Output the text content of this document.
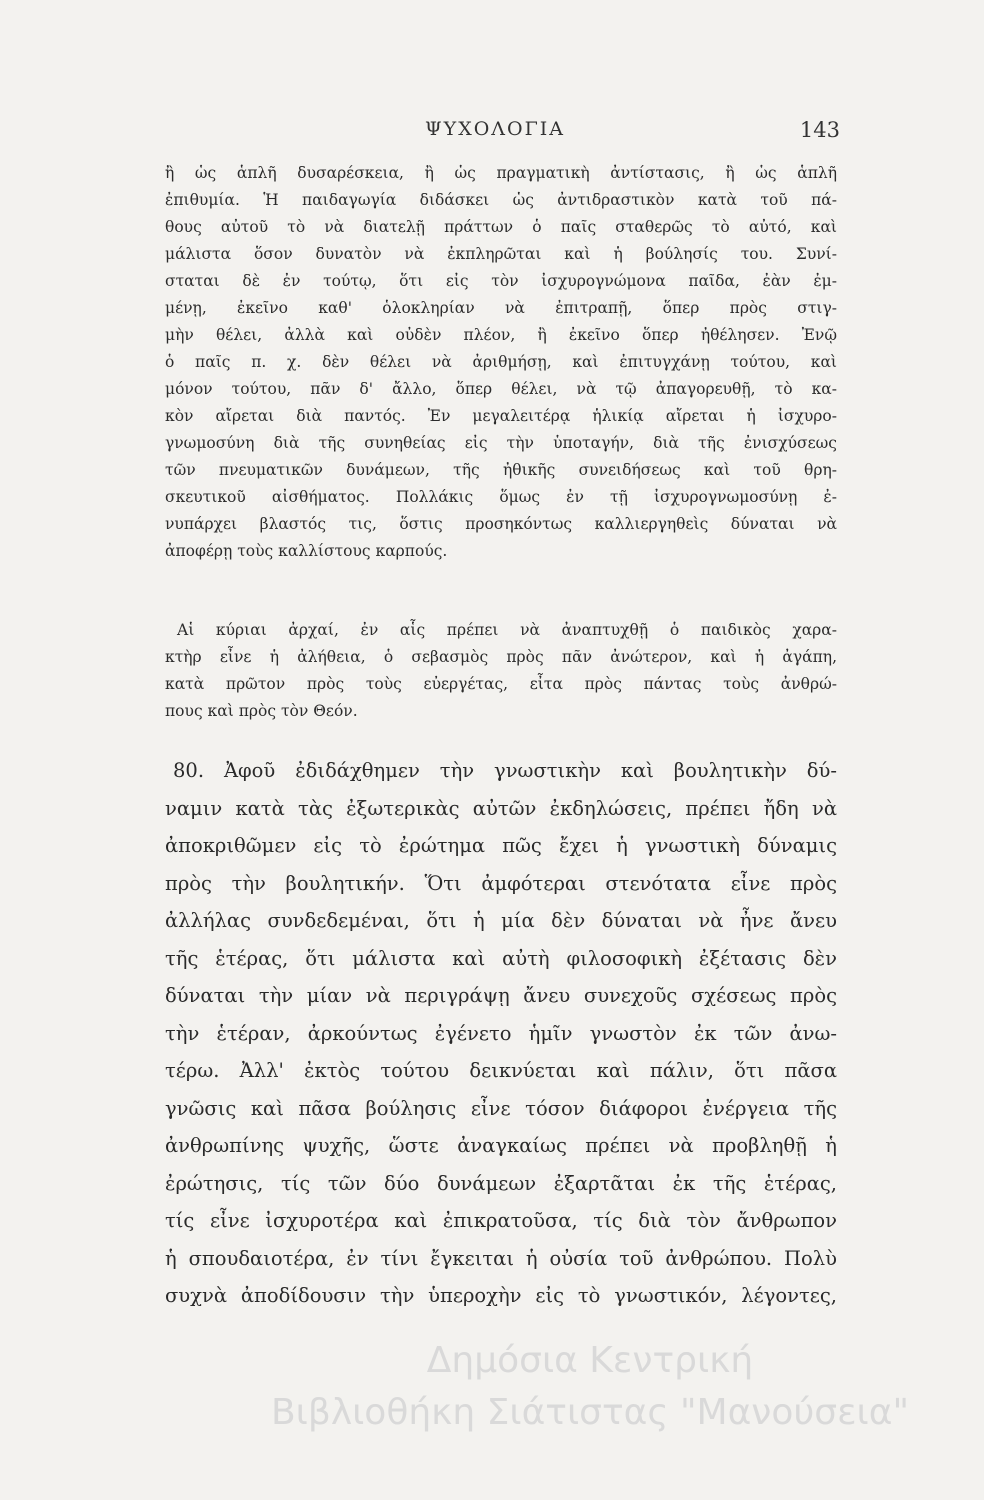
ΨΥΧΟΛΟΓΙΑ	143
ἢ ὡς ἁπλῆ δυσαρέσκεια, ἢ ὡς πραγματικὴ ἀντίστασις, ἢ ὡς ἁπλῆ
ἐπιθυμία. Ἡ παιδαγωγία διδάσκει ὡς ἀντιδραστικὸν κατὰ τοῦ πά-
θους αὐτοῦ τὸ νὰ διατελῇ πράττων ὁ παῖς σταθερῶς τὸ αὐτό, καὶ
μάλιστα ὅσον δυνατὸν νὰ ἐκπληρῶται καὶ ἡ βούλησίς του. Συνί-
σταται δὲ ἐν τούτῳ, ὅτι εἰς τὸν ἰσχυρογνώμονα παῖδα, ἐὰν ἐμ-
μένῃ, ἐκεῖνο καθ' ὁλοκληρίαν νὰ ἐπιτραπῇ, ὅπερ πρὸς στιγ-
μὴν θέλει, ἀλλὰ καὶ οὐδὲν πλέον, ἢ ἐκεῖνο ὅπερ ἠθέλησεν. Ἐνῷ
ὁ παῖς π. χ. δὲν θέλει νὰ ἀριθμήσῃ, καὶ ἐπιτυγχάνῃ τούτου, καὶ
μόνον τούτου, πᾶν δ' ἄλλο, ὅπερ θέλει, νὰ τῷ ἀπαγορευθῇ, τὸ κα-
κὸν αἴρεται διὰ παντός. Ἐν μεγαλειτέρᾳ ἡλικίᾳ αἴρεται ἡ ἰσχυρο-
γνωμοσύνη διὰ τῆς συνηθείας εἰς τὴν ὑποταγήν, διὰ τῆς ἐνισχύσεως
τῶν πνευματικῶν δυνάμεων, τῆς ἠθικῆς συνειδήσεως καὶ τοῦ θρη-
σκευτικοῦ αἰσθήματος. Πολλάκις ὅμως ἐν τῇ ἰσχυρογνωμοσύνῃ ἐ-
νυπάρχει βλαστός τις, ὅστις προσηκόντως καλλιεργηθεὶς δύναται νὰ
ἀποφέρῃ τοὺς καλλίστους καρπούς.
Αἱ κύριαι ἀρχαί, ἐν αἷς πρέπει νὰ ἀναπτυχθῇ ὁ παιδικὸς χαρα-
κτὴρ εἶνε ἡ ἀλήθεια, ὁ σεβασμὸς πρὸς πᾶν ἀνώτερον, καὶ ἡ ἀγάπη,
κατὰ πρῶτον πρὸς τοὺς εὐεργέτας, εἶτα πρὸς πάντας τοὺς ἀνθρώ-
πους καὶ πρὸς τὸν Θεόν.
80. Ἀφοῦ ἐδιδάχθημεν τὴν γνωστικὴν καὶ βουλητικὴν δύ-
ναμιν κατὰ τὰς ἐξωτερικὰς αὐτῶν ἐκδηλώσεις, πρέπει ἤδη νὰ
ἀποκριθῶμεν εἰς τὸ ἐρώτημα πῶς ἔχει ἡ γνωστικὴ δύναμις
πρὸς τὴν βουλητικήν. Ὅτι ἀμφότεραι στενότατα εἶνε πρὸς
ἀλλήλας συνδεδεμέναι, ὅτι ἡ μία δὲν δύναται νὰ ἦνε ἄνευ
τῆς ἑτέρας, ὅτι μάλιστα καὶ αὐτὴ φιλοσοφικὴ ἐξέτασις δὲν
δύναται τὴν μίαν νὰ περιγράψῃ ἄνευ συνεχοῦς σχέσεως πρὸς
τὴν ἑτέραν, ἀρκούντως ἐγένετο ἡμῖν γνωστὸν ἐκ τῶν ἀνω-
τέρω. Ἀλλ' ἐκτὸς τούτου δεικνύεται καὶ πάλιν, ὅτι πᾶσα
γνῶσις καὶ πᾶσα βούλησις εἶνε τόσον διάφοροι ἐνέργεια τῆς
ἀνθρωπίνης ψυχῆς, ὥστε ἀναγκαίως πρέπει νὰ προβληθῇ ἡ
ἐρώτησις, τίς τῶν δύο δυνάμεων ἐξαρτᾶται ἐκ τῆς ἑτέρας,
τίς εἶνε ἰσχυροτέρα καὶ ἐπικρατοῦσα, τίς διὰ τὸν ἄνθρωπον
ἡ σπουδαιοτέρα, ἐν τίνι ἔγκειται ἡ οὐσία τοῦ ἀνθρώπου. Πολὺ
συχνὰ ἀποδίδουσιν τὴν ὑπεροχὴν εἰς τὸ γνωστικόν, λέγοντες,
Δημόσια Κεντρική
Βιβλιοθήκη Σιάτιστας "Μανούσεια"
